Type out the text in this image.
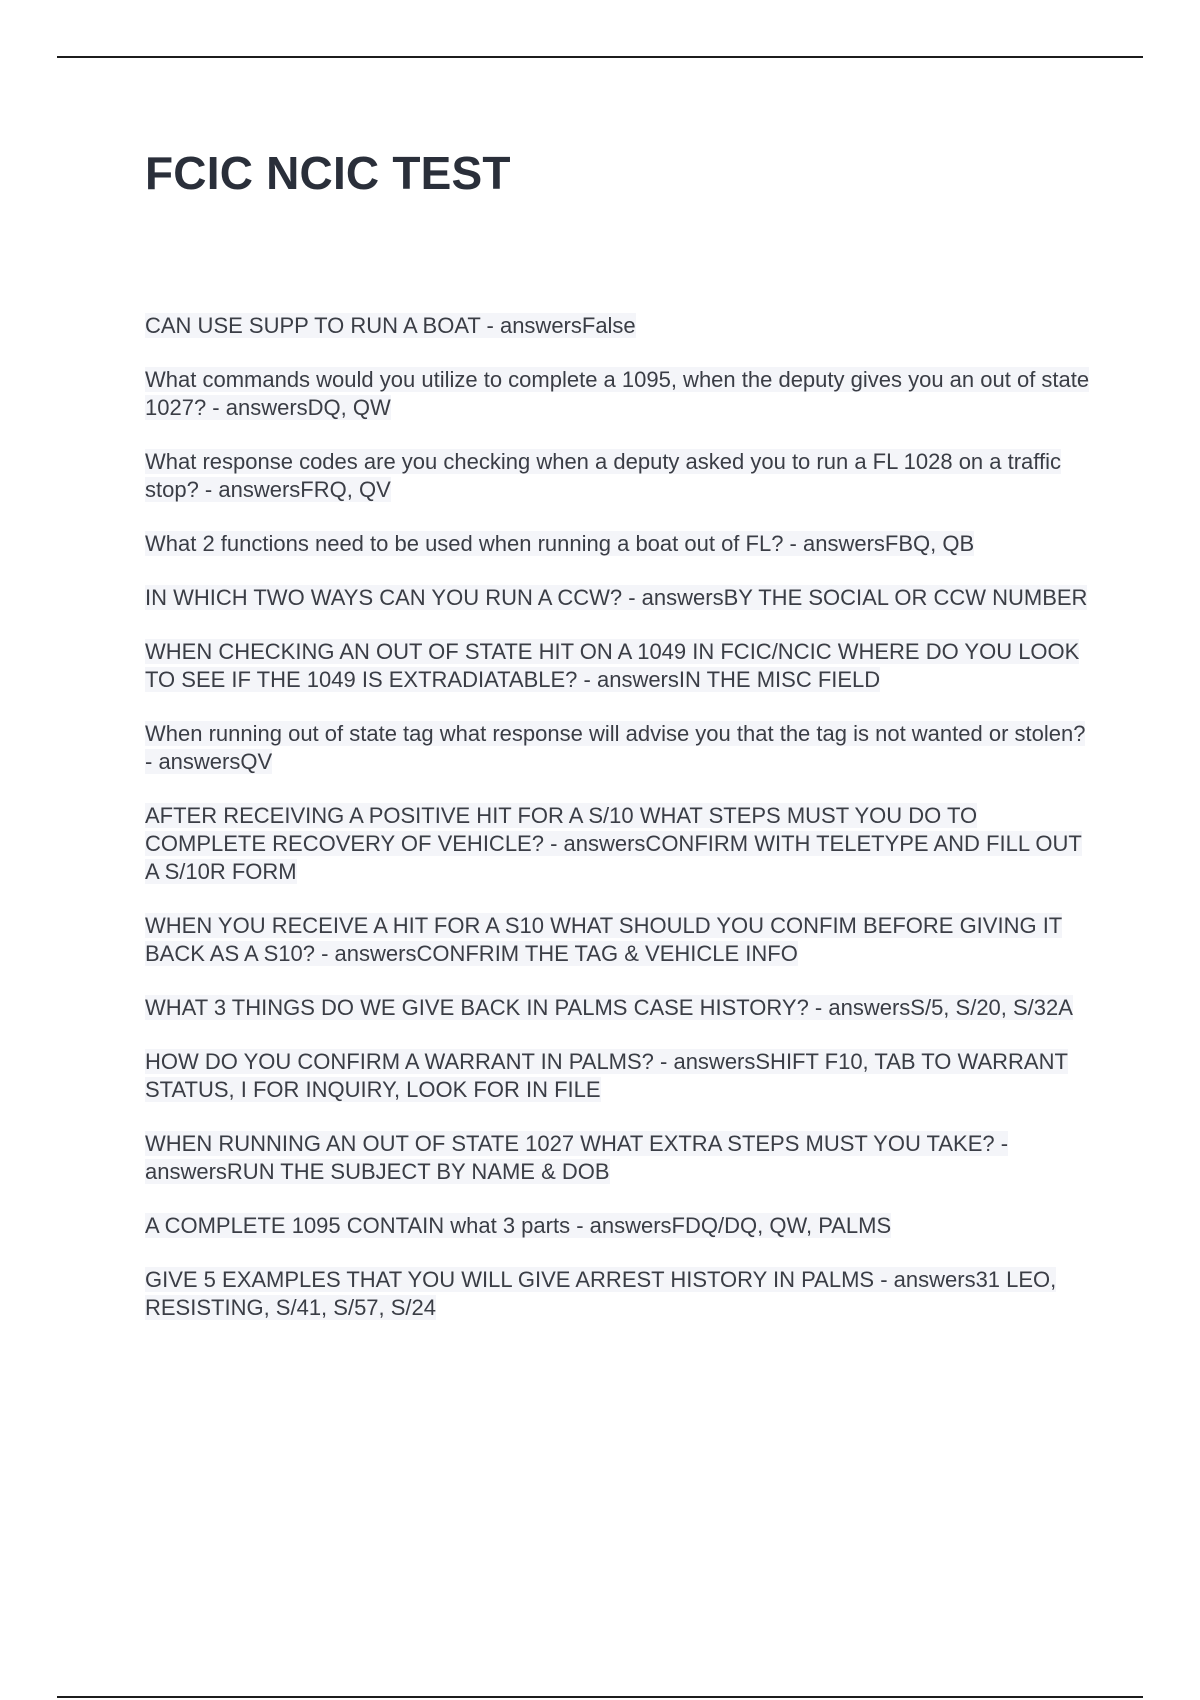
FCIC NCIC TEST

CAN USE SUPP TO RUN A BOAT - answersFalse

What commands would you utilize to complete a 1095, when the deputy gives you an out of state 1027? - answersDQ, QW

What response codes are you checking when a deputy asked you to run a FL 1028 on a traffic stop? - answersFRQ, QV

What 2 functions need to be used when running a boat out of FL? - answersFBQ, QB

IN WHICH TWO WAYS CAN YOU RUN A CCW? - answersBY THE SOCIAL OR CCW NUMBER

WHEN CHECKING AN OUT OF STATE HIT ON A 1049 IN FCIC/NCIC WHERE DO YOU LOOK TO SEE IF THE 1049 IS EXTRADIATABLE? - answersIN THE MISC FIELD

When running out of state tag what response will advise you that the tag is not wanted or stolen? - answersQV

AFTER RECEIVING A POSITIVE HIT FOR A S/10 WHAT STEPS MUST YOU DO TO COMPLETE RECOVERY OF VEHICLE? - answersCONFIRM WITH TELETYPE AND FILL OUT A S/10R FORM

WHEN YOU RECEIVE A HIT FOR A S10 WHAT SHOULD YOU CONFIM BEFORE GIVING IT BACK AS A S10? - answersCONFRIM THE TAG & VEHICLE INFO

WHAT 3 THINGS DO WE GIVE BACK IN PALMS CASE HISTORY? - answersS/5, S/20, S/32A

HOW DO YOU CONFIRM A WARRANT IN PALMS? - answersSHIFT F10, TAB TO WARRANT STATUS, I FOR INQUIRY, LOOK FOR IN FILE

WHEN RUNNING AN OUT OF STATE 1027 WHAT EXTRA STEPS MUST YOU TAKE? - answersRUN THE SUBJECT BY NAME & DOB

A COMPLETE 1095 CONTAIN what 3 parts - answersFDQ/DQ, QW, PALMS

GIVE 5 EXAMPLES THAT YOU WILL GIVE ARREST HISTORY IN PALMS - answers31 LEO, RESISTING, S/41, S/57, S/24
